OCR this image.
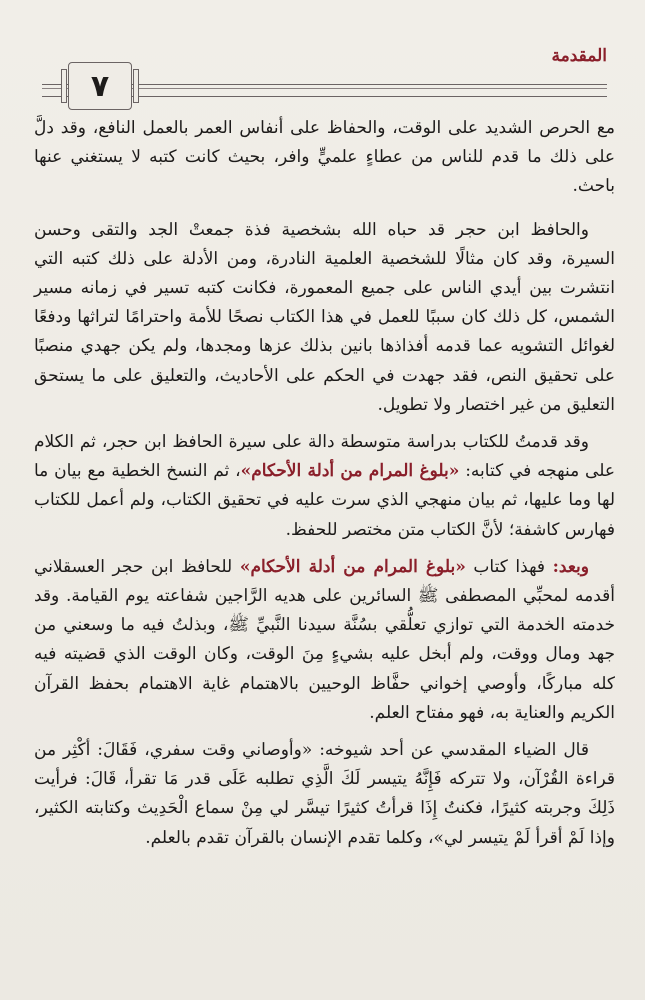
المقدمة
٧

مع الحرص الشديد على الوقت، والحفاظ على أنفاس العمر بالعمل النافع، وقد دلَّ على ذلك ما قدم للناس من عطاءٍ علميٍّ وافر، بحيث كانت كتبه لا يستغني عنها باحث.

والحافظ ابن حجر قد حباه الله بشخصية فذة جمعتْ الجد والتقى وحسن السيرة، وقد كان مثالًا للشخصية العلمية النادرة، ومن الأدلة على ذلك كتبه التي انتشرت بين أيدي الناس على جميع المعمورة، فكانت كتبه تسير في زمانه مسير الشمس، كل ذلك كان سببًا للعمل في هذا الكتاب نصحًا للأمة واحترامًا لتراثها ودفعًا لغوائل التشويه عما قدمه أفذاذها بانين بذلك عزها ومجدها، ولم يكن جهدي منصبًا على تحقيق النص، فقد جهدت في الحكم على الأحاديث، والتعليق على ما يستحق التعليق من غير اختصار ولا تطويل.

وقد قدمتُ للكتاب بدراسة متوسطة دالة على سيرة الحافظ ابن حجر، ثم الكلام على منهجه في كتابه: «بلوغ المرام من أدلة الأحكام»، ثم النسخ الخطية مع بيان ما لها وما عليها، ثم بيان منهجي الذي سرت عليه في تحقيق الكتاب، ولم أعمل للكتاب فهارس كاشفة؛ لأنَّ الكتاب متن مختصر للحفظ.

وبعد: فهذا كتاب «بلوغ المرام من أدلة الأحكام» للحافظ ابن حجر العسقلاني أقدمه لمحبِّي المصطفى ﷺ السائرين على هديه الرَّاجين شفاعته يوم القيامة. وقد خدمته الخدمة التي توازي تعلُّقي بسُنَّة سيدنا النَّبيِّ ﷺ، وبذلتُ فيه ما وسعني من جهد ومال ووقت، ولم أبخل عليه بشيءٍ مِنَ الوقت، وكان الوقت الذي قضيته فيه كله مباركًا، وأوصي إخواني حفَّاظ الوحيين بالاهتمام غاية الاهتمام بحفظ القرآن الكريم والعناية به، فهو مفتاح العلم.

قال الضياء المقدسي عن أحد شيوخه: «وأوصاني وقت سفري، فَقَالَ: أكْثِر من قراءة القُرْآن، ولا تتركه فَإِنَّهُ يتيسر لَكَ الَّذِي تطلبه عَلَى قدر مَا تقرأ، قَالَ: فرأيت ذَلِكَ وجربته كثيرًا، فكنتُ إِذَا قرأتُ كثيرًا تيسَّر لي مِنْ سماع الْحَدِيث وكتابته الكثير، وإذا لَمْ أقرأ لَمْ يتيسر لي»، وكلما تقدم الإنسان بالقرآن تقدم بالعلم.
